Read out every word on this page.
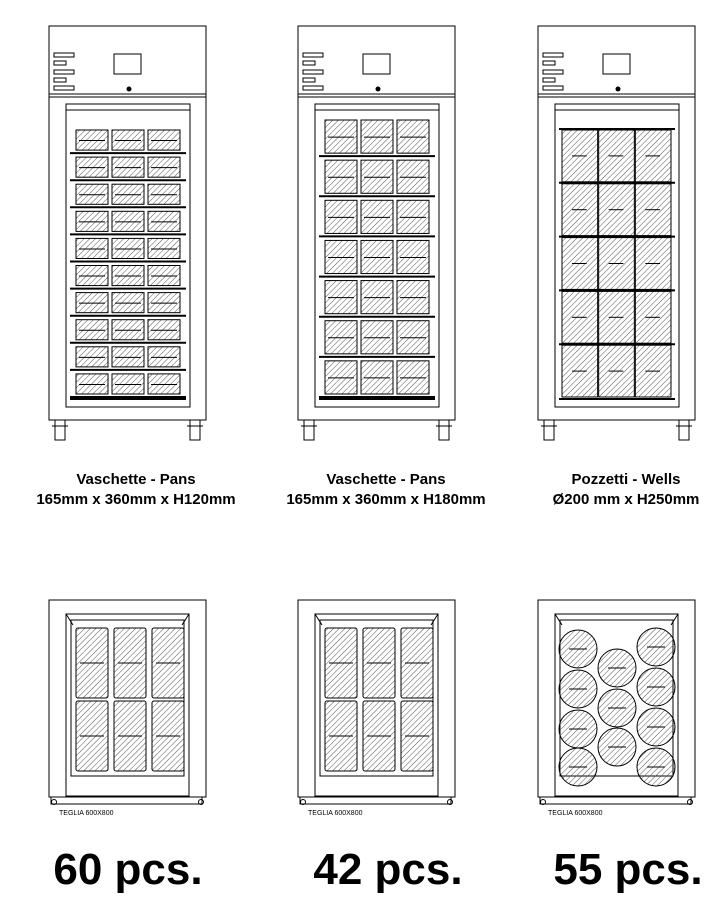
TEGLIA 600X800	TEGLIA 600X800	TEGLIA 600X800
Vaschette - Pans
165mm x 360mm x H120mm
Vaschette - Pans
165mm x 360mm x H180mm
Pozzetti - Wells
Ø200 mm x H250mm
60 pcs.	42 pcs.	55 pcs.
